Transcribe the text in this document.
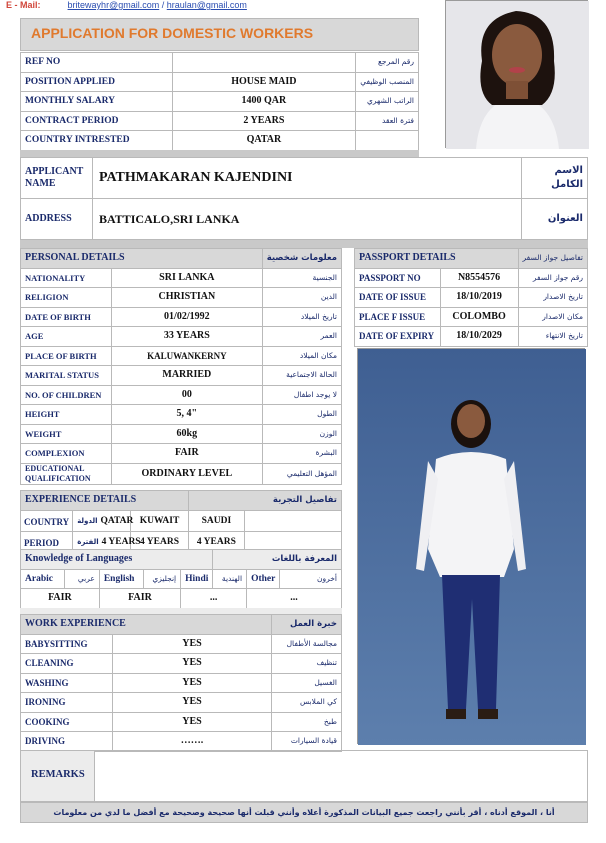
E - Mail:	britewayhr@gmail.com / hraulan@gmail.com
APPLICATION FOR DOMESTIC WORKERS
REF NO		رقم المرجع
POSITION APPLIED	HOUSE MAID	المنصب الوظيفي
MONTHLY SALARY	1400 QAR	الراتب الشهري
CONTRACT PERIOD	2 YEARS	فترة العقد
COUNTRY INTRESTED	QATAR	
APPLICANT NAME	PATHMAKARAN KAJENDINI	الاسم الكامل
ADDRESS	BATTICALO,SRI LANKA	العنوان
PERSONAL DETAILS		معلومات شخصية
NATIONALITY	SRI LANKA	الجنسية
RELIGION	CHRISTIAN	الدين
DATE OF BIRTH	01/02/1992	تاريخ الميلاد
AGE	33 YEARS	العمر
PLACE OF BIRTH	KALUWANKERNY	مكان الميلاد
MARITAL STATUS	MARRIED	الحالة الاجتماعية
NO. OF CHILDREN	00	لا يوجد اطفال
HEIGHT	5, 4"	الطول
WEIGHT	60kg	الوزن
COMPLEXION	FAIR	البشرة
EDUCATIONAL QUALIFICATION	ORDINARY LEVEL	المؤهل التعليمي
PASSPORT DETAILS		تفاصيل جواز السفر
PASSPORT NO	N8554576	رقم جواز السفر
DATE OF ISSUE	18/10/2019	تاريخ الاصدار
PLACE F ISSUE	COLOMBO	مكان الاصدار
DATE OF EXPIRY	18/10/2029	تاريخ الانتهاء
EXPERIENCE DETAILS			تفاصيل التجربة	
COUNTRY	الدولة QATAR	KUWAIT	SAUDI	
PERIOD	الفترة 4 YEARS	4 YEARS	4 YEARS	
Knowledge of Languages					المعرفة باللغات		
Arabic	عربي	English	إنجليزي	Hindi	الهندية	Other	أخرون
FAIR		FAIR		...		...	
WORK EXPERIENCE		خبرة العمل
BABYSITTING	YES	مجالسة الأطفال
CLEANING	YES	تنظيف
WASHING	YES	الغسيل
IRONING	YES	كي الملابس
COOKING	YES	طبخ
DRIVING	…….	قيادة السيارات
REMARKS
أنا ، الموقع أدناه ، أقر بأنني راجعت جميع البيانات المذكورة أعلاه وأنني قبلت أنها صحيحة وصحيحة مع أفضل ما لدي من معلومات
